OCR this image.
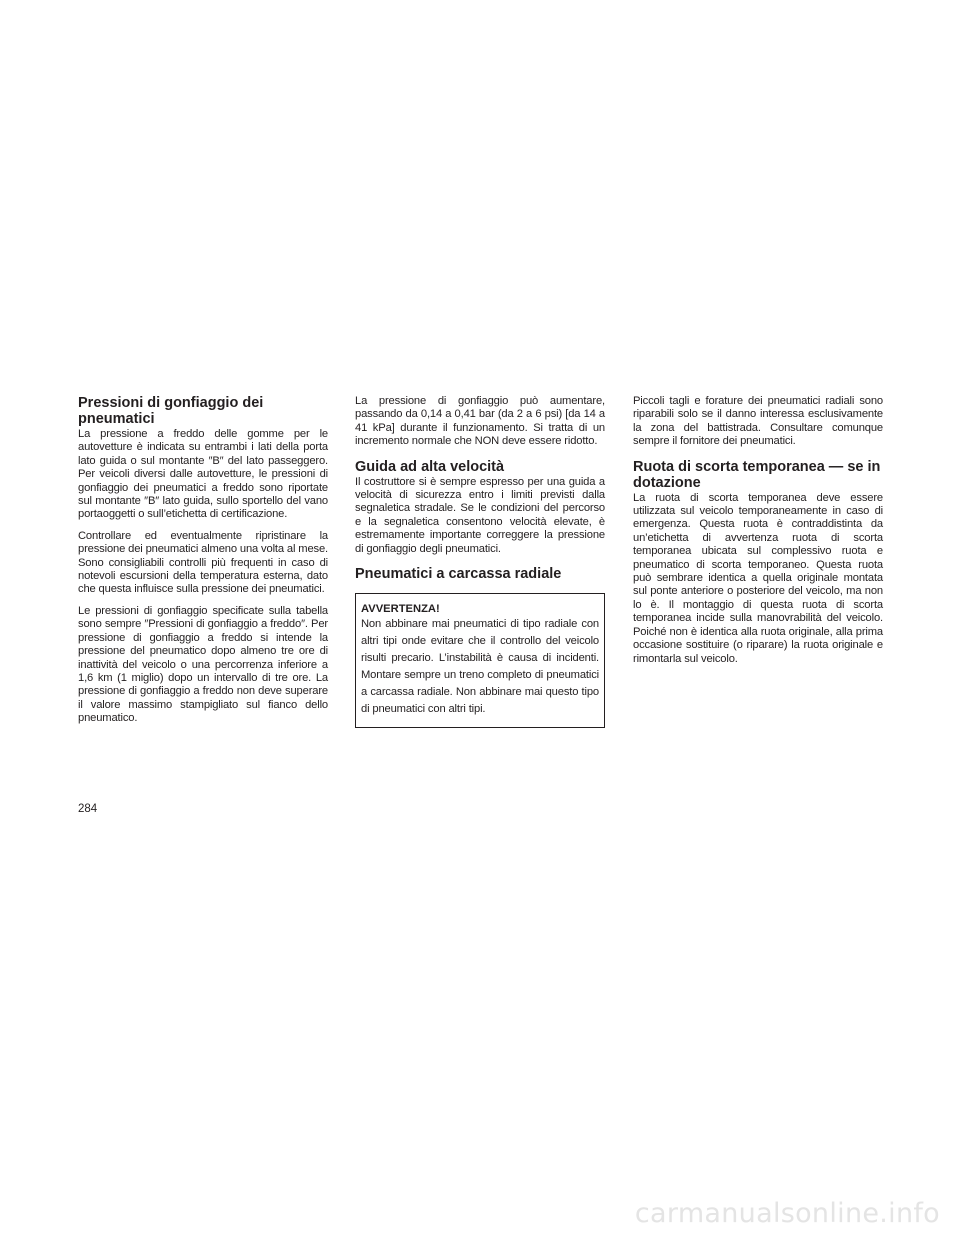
Pressioni di gonfiaggio dei pneumatici

La pressione a freddo delle gomme per le autovetture è indicata su entrambi i lati della porta lato guida o sul montante ″B″ del lato passeggero. Per veicoli diversi dalle autovetture, le pressioni di gonfiaggio dei pneumatici a freddo sono riportate sul montante ″B″ lato guida, sullo sportello del vano portaoggetti o sull’etichetta di certificazione.

Controllare ed eventualmente ripristinare la pressione dei pneumatici almeno una volta al mese. Sono consigliabili controlli più frequenti in caso di notevoli escursioni della temperatura esterna, dato che questa influisce sulla pressione dei pneumatici.

Le pressioni di gonfiaggio specificate sulla tabella sono sempre ″Pressioni di gonfiaggio a freddo″. Per pressione di gonfiaggio a freddo si intende la pressione del pneumatico dopo almeno tre ore di inattività del veicolo o una percorrenza inferiore a 1,6 km (1 miglio) dopo un intervallo di tre ore. La pressione di gonfiaggio a freddo non deve superare il valore massimo stampigliato sul fianco dello pneumatico.

La pressione di gonfiaggio può aumentare, passando da 0,14 a 0,41 bar (da 2 a 6 psi) [da 14 a 41 kPa] durante il funzionamento. Si tratta di un incremento normale che NON deve essere ridotto.

Guida ad alta velocità

Il costruttore si è sempre espresso per una guida a velocità di sicurezza entro i limiti previsti dalla segnaletica stradale. Se le condizioni del percorso e la segnaletica consentono velocità elevate, è estremamente importante correggere la pressione di gonfiaggio degli pneumatici.

Pneumatici a carcassa radiale
AVVERTENZA!
Non abbinare mai pneumatici di tipo radiale con altri tipi onde evitare che il controllo del veicolo risulti precario. L’instabilità è causa di incidenti. Montare sempre un treno completo di pneumatici a carcassa radiale. Non abbinare mai questo tipo di pneumatici con altri tipi.

Piccoli tagli e forature dei pneumatici radiali sono riparabili solo se il danno interessa esclusivamente la zona del battistrada. Consultare comunque sempre il fornitore dei pneumatici.

Ruota di scorta temporanea — se in dotazione

La ruota di scorta temporanea deve essere utilizzata sul veicolo temporaneamente in caso di emergenza. Questa ruota è contraddistinta da un’etichetta di avvertenza ruota di scorta temporanea ubicata sul complessivo ruota e pneumatico di scorta temporaneo. Questa ruota può sembrare identica a quella originale montata sul ponte anteriore o posteriore del veicolo, ma non lo è. Il montaggio di questa ruota di scorta temporanea incide sulla manovrabilità del veicolo. Poiché non è identica alla ruota originale, alla prima occasione sostituire (o riparare) la ruota originale e rimontarla sul veicolo.

284
carmanualsonline.info
